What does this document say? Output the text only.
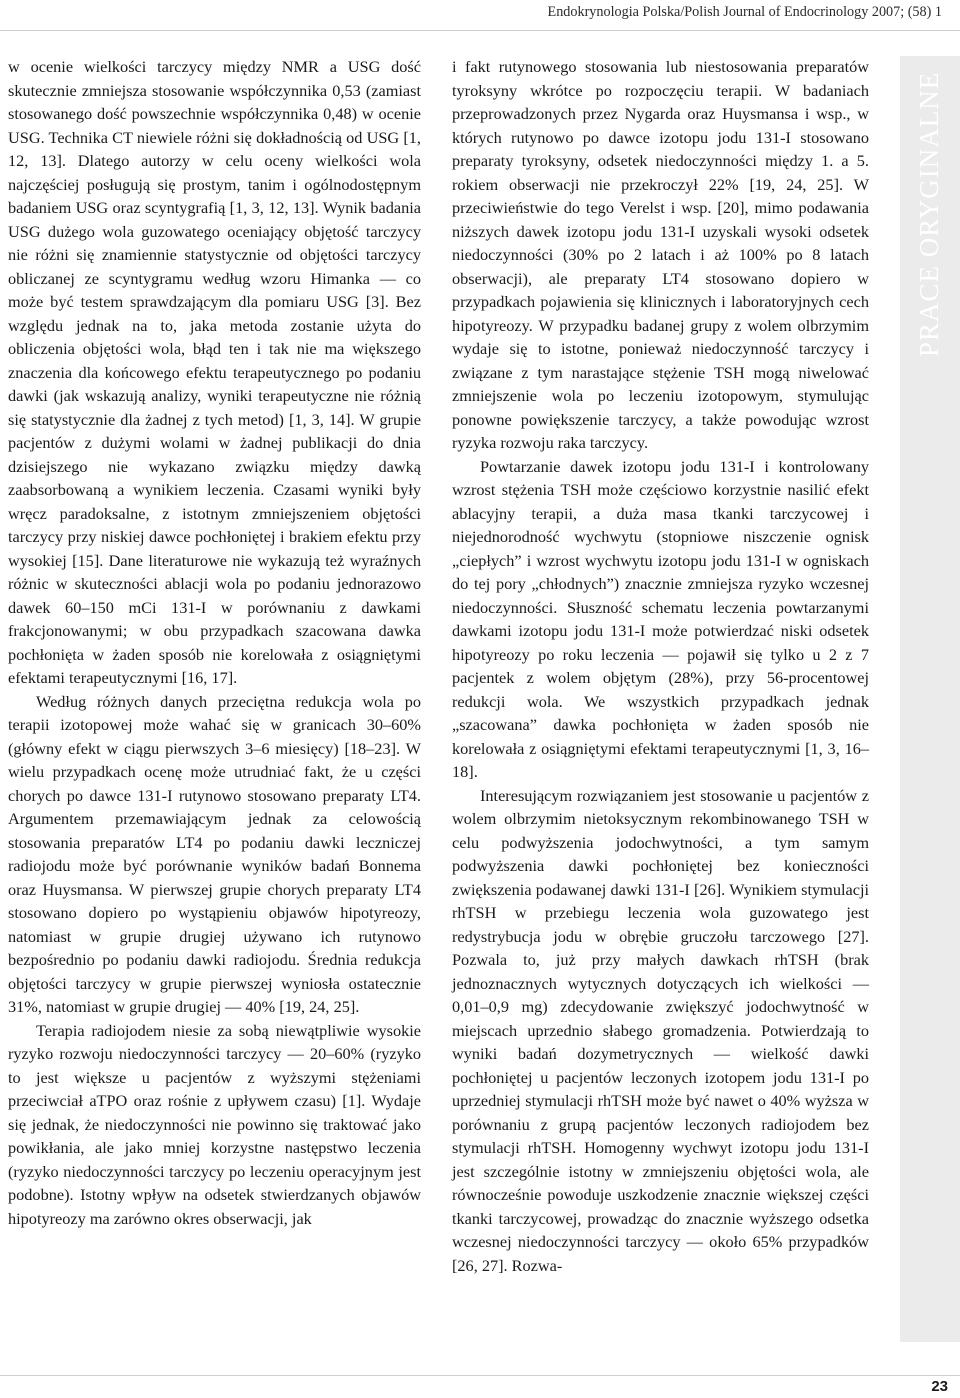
Endokrynologia Polska/Polish Journal of Endocrinology 2007; (58) 1

w ocenie wielkości tarczycy między NMR a USG dość skutecznie zmniejsza stosowanie współczynnika 0,53 (zamiast stosowanego dość powszechnie współczynnika 0,48) w ocenie USG. Technika CT niewiele różni się dokładnością od USG [1, 12, 13]. Dlatego autorzy w celu oceny wielkości wola najczęściej posługują się prostym, tanim i ogólnodostępnym badaniem USG oraz scyntygrafią [1, 3, 12, 13]. Wynik badania USG dużego wola guzowatego oceniający objętość tarczycy nie różni się znamiennie statystycznie od objętości tarczycy obliczanej ze scyntygramu według wzoru Himanka — co może być testem sprawdzającym dla pomiaru USG [3]. Bez względu jednak na to, jaka metoda zostanie użyta do obliczenia objętości wola, błąd ten i tak nie ma większego znaczenia dla końcowego efektu terapeutycznego po podaniu dawki (jak wskazują analizy, wyniki terapeutyczne nie różnią się statystycznie dla żadnej z tych metod) [1, 3, 14]. W grupie pacjentów z dużymi wolami w żadnej publikacji do dnia dzisiejszego nie wykazano związku między dawką zaabsorbowaną a wynikiem leczenia. Czasami wyniki były wręcz paradoksalne, z istotnym zmniejszeniem objętości tarczycy przy niskiej dawce pochłoniętej i brakiem efektu przy wysokiej [15]. Dane literaturowe nie wykazują też wyraźnych różnic w skuteczności ablacji wola po podaniu jednorazowo dawek 60–150 mCi 131-I w porównaniu z dawkami frakcjonowanymi; w obu przypadkach szacowana dawka pochłonięta w żaden sposób nie korelowała z osiągniętymi efektami terapeutycznymi [16, 17].

Według różnych danych przeciętna redukcja wola po terapii izotopowej może wahać się w granicach 30–60% (główny efekt w ciągu pierwszych 3–6 miesięcy) [18–23]. W wielu przypadkach ocenę może utrudniać fakt, że u części chorych po dawce 131-I rutynowo stosowano preparaty LT4. Argumentem przemawiającym jednak za celowością stosowania preparatów LT4 po podaniu dawki leczniczej radiojodu może być porównanie wyników badań Bonnema oraz Huysmansa. W pierwszej grupie chorych preparaty LT4 stosowano dopiero po wystąpieniu objawów hipotyreozy, natomiast w grupie drugiej używano ich rutynowo bezpośrednio po podaniu dawki radiojodu. Średnia redukcja objętości tarczycy w grupie pierwszej wyniosła ostatecznie 31%, natomiast w grupie drugiej — 40% [19, 24, 25].

Terapia radiojodem niesie za sobą niewątpliwie wysokie ryzyko rozwoju niedoczynności tarczycy — 20–60% (ryzyko to jest większe u pacjentów z wyższymi stężeniami przeciwciał aTPO oraz rośnie z upływem czasu) [1]. Wydaje się jednak, że niedoczynności nie powinno się traktować jako powikłania, ale jako mniej korzystne następstwo leczenia (ryzyko niedoczynności tarczycy po leczeniu operacyjnym jest podobne). Istotny wpływ na odsetek stwierdzanych objawów hipotyreozy ma zarówno okres obserwacji, jak

i fakt rutynowego stosowania lub niestosowania preparatów tyroksyny wkrótce po rozpoczęciu terapii. W badaniach przeprowadzonych przez Nygarda oraz Huysmansa i wsp., w których rutynowo po dawce izotopu jodu 131-I stosowano preparaty tyroksyny, odsetek niedoczynności między 1. a 5. rokiem obserwacji nie przekroczył 22% [19, 24, 25]. W przeciwieństwie do tego Verelst i wsp. [20], mimo podawania niższych dawek izotopu jodu 131-I uzyskali wysoki odsetek niedoczynności (30% po 2 latach i aż 100% po 8 latach obserwacji), ale preparaty LT4 stosowano dopiero w przypadkach pojawienia się klinicznych i laboratoryjnych cech hipotyreozy. W przypadku badanej grupy z wolem olbrzymim wydaje się to istotne, ponieważ niedoczynność tarczycy i związane z tym narastające stężenie TSH mogą niwelować zmniejszenie wola po leczeniu izotopowym, stymulując ponowne powiększenie tarczycy, a także powodując wzrost ryzyka rozwoju raka tarczycy.

Powtarzanie dawek izotopu jodu 131-I i kontrolowany wzrost stężenia TSH może częściowo korzystnie nasilić efekt ablacyjny terapii, a duża masa tkanki tarczycowej i niejednorodność wychwytu (stopniowe niszczenie ognisk „ciepłych” i wzrost wychwytu izotopu jodu 131-I w ogniskach do tej pory „chłodnych”) znacznie zmniejsza ryzyko wczesnej niedoczynności. Słuszność schematu leczenia powtarzanymi dawkami izotopu jodu 131-I może potwierdzać niski odsetek hipotyreozy po roku leczenia — pojawił się tylko u 2 z 7 pacjentek z wolem objętym (28%), przy 56-procentowej redukcji wola. We wszystkich przypadkach jednak „szacowana” dawka pochłonięta w żaden sposób nie korelowała z osiągniętymi efektami terapeutycznymi [1, 3, 16–18].

Interesującym rozwiązaniem jest stosowanie u pacjentów z wolem olbrzymim nietoksycznym rekombinowanego TSH w celu podwyższenia jodochwytności, a tym samym podwyższenia dawki pochłoniętej bez konieczności zwiększenia podawanej dawki 131-I [26]. Wynikiem stymulacji rhTSH w przebiegu leczenia wola guzowatego jest redystrybucja jodu w obrębie gruczołu tarczowego [27]. Pozwala to, już przy małych dawkach rhTSH (brak jednoznacznych wytycznych dotyczących ich wielkości — 0,01–0,9 mg) zdecydowanie zwiększyć jodochwytność w miejscach uprzednio słabego gromadzenia. Potwierdzają to wyniki badań dozymetrycznych — wielkość dawki pochłoniętej u pacjentów leczonych izotopem jodu 131-I po uprzedniej stymulacji rhTSH może być nawet o 40% wyższa w porównaniu z grupą pacjentów leczonych radiojodem bez stymulacji rhTSH. Homogenny wychwyt izotopu jodu 131-I jest szczególnie istotny w zmniejszeniu objętości wola, ale równocześnie powoduje uszkodzenie znacznie większej części tkanki tarczycowej, prowadząc do znacznie wyższego odsetka wczesnej niedoczynności tarczycy — około 65% przypadków [26, 27]. Rozwa-

PRACE ORYGINALNE
23
